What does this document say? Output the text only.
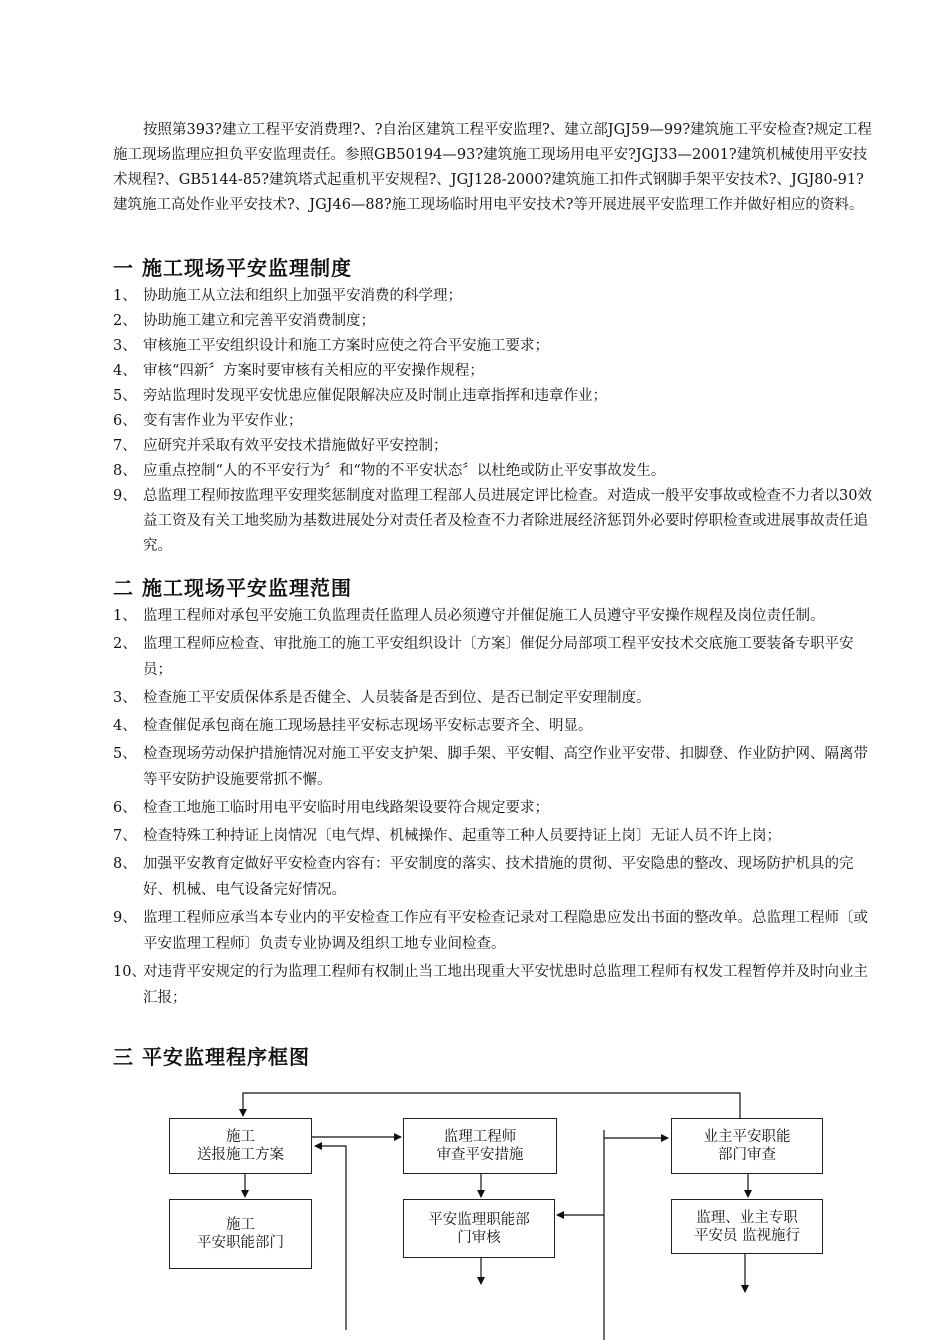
按照第393?建立工程平安消费理?、?自治区建筑工程平安监理?、建立部JGJ59—99?建筑施工平安检查?规定工程施工现场监理应担负平安监理责任。参照GB50194—93?建筑施工现场用电平安?JGJ33—2001?建筑机械使用平安技术规程?、GB5144-85?建筑塔式起重机平安规程?、JGJ128-2000?建筑施工扣件式钢脚手架平安技术?、JGJ80-91?建筑施工高处作业平安技术?、JGJ46—88?施工现场临时用电平安技术?等开展进展平安监理工作并做好相应的资料。

一 施工现场平安监理制度
1、 协助施工从立法和组织上加强平安消费的科学理；
2、 协助施工建立和完善平安消费制度；
3、 审核施工平安组织设计和施工方案时应使之符合平安施工要求；
4、 审核“四新〞方案时要审核有关相应的平安操作规程；
5、 旁站监理时发现平安忧患应催促限解决应及时制止违章指挥和违章作业；
6、 变有害作业为平安作业；
7、 应研究并采取有效平安技术措施做好平安控制；
8、 应重点控制“人的不平安行为〞和“物的不平安状态〞以杜绝或防止平安事故发生。
9、 总监理工程师按监理平安理奖惩制度对监理工程部人员进展定评比检查。对造成一般平安事故或检查不力者以30效益工资及有关工地奖励为基数进展处分对责任者及检查不力者除进展经济惩罚外必要时停职检查或进展事故责任追究。
二 施工现场平安监理范围
1、 监理工程师对承包平安施工负监理责任监理人员必须遵守并催促施工人员遵守平安操作规程及岗位责任制。
2、 监理工程师应检查、审批施工的施工平安组织设计〔方案〕催促分局部项工程平安技术交底施工要装备专职平安员；
3、 检查施工平安质保体系是否健全、人员装备是否到位、是否已制定平安理制度。
4、 检查催促承包商在施工现场悬挂平安标志现场平安标志要齐全、明显。
5、 检查现场劳动保护措施情况对施工平安支护架、脚手架、平安帽、高空作业平安带、扣脚登、作业防护网、隔离带等平安防护设施要常抓不懈。
6、 检查工地施工临时用电平安临时用电线路架设要符合规定要求；
7、 检查特殊工种持证上岗情况〔电气焊、机械操作、起重等工种人员要持证上岗〕无证人员不许上岗；
8、 加强平安教育定做好平安检查内容有：平安制度的落实、技术措施的贯彻、平安隐患的整改、现场防护机具的完好、机械、电气设备完好情况。
9、 监理工程师应承当本专业内的平安检查工作应有平安检查记录对工程隐患应发出书面的整改单。总监理工程师〔或平安监理工程师〕负责专业协调及组织工地专业间检查。
10、
对违背平安规定的行为监理工程师有权制止当工地出现重大平安忧患时总监理工程师有权发工程暂停并及时向业主汇报；
三 平安监理程序框图
施工
送报施工方案
监理工程师
审查平安措施
业主平安职能
部门审查
施工
平安职能部门
平安监理职能部
门审核
监理、业主专职
平安员 监视施行
